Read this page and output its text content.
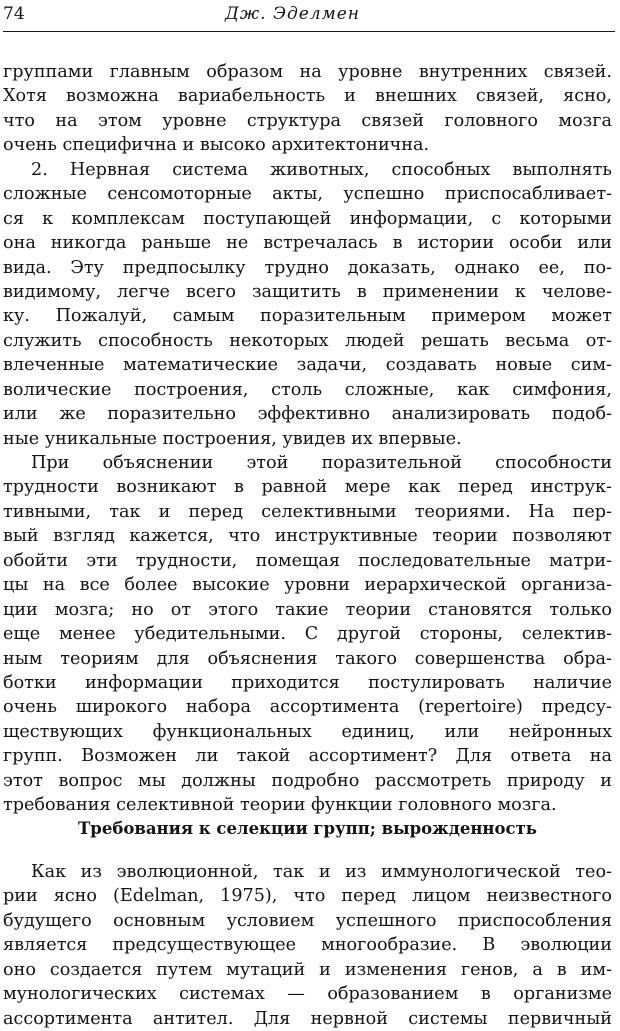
74	Дж. Эделмен
группами главным образом на уровне внутренних связей.
Хотя возможна вариабельность и внешних связей, ясно,
что на этом уровне структура связей головного мозга
очень специфична и высоко архитектонична.
2. Нервная система животных, способных выполнять
сложные сенсомоторные акты, успешно приспосабливает-
ся к комплексам поступающей информации, с которыми
она никогда раньше не встречалась в истории особи или
вида. Эту предпосылку трудно доказать, однако ее, по-
видимому, легче всего защитить в применении к челове-
ку. Пожалуй, самым поразительным примером может
служить способность некоторых людей решать весьма от-
влеченные математические задачи, создавать новые сим-
волические построения, столь сложные, как симфония,
или же поразительно эффективно анализировать подоб-
ные уникальные построения, увидев их впервые.
При объяснении этой поразительной способности
трудности возникают в равной мере как перед инструк-
тивными, так и перед селективными теориями. На пер-
вый взгляд кажется, что инструктивные теории позволяют
обойти эти трудности, помещая последовательные матри-
цы на все более высокие уровни иерархической организа-
ции мозга; но от этого такие теории становятся только
еще менее убедительными. С другой стороны, селектив-
ным теориям для объяснения такого совершенства обра-
ботки информации приходится постулировать наличие
очень широкого набора ассортимента (repertoire) предсу-
ществующих функциональных единиц, или нейронных
групп. Возможен ли такой ассортимент? Для ответа на
этот вопрос мы должны подробно рассмотреть природу и
требования селективной теории функции головного мозга.
Требования к селекции групп; вырожденность
Как из эволюционной, так и из иммунологической тео-
рии ясно (Edelman, 1975), что перед лицом неизвестного
будущего основным условием успешного приспособления
является предсуществующее многообразие. В эволюции
оно создается путем мутаций и изменения генов, а в им-
мунологических системах — образованием в организме
ассортимента антител. Для нервной системы первичный
